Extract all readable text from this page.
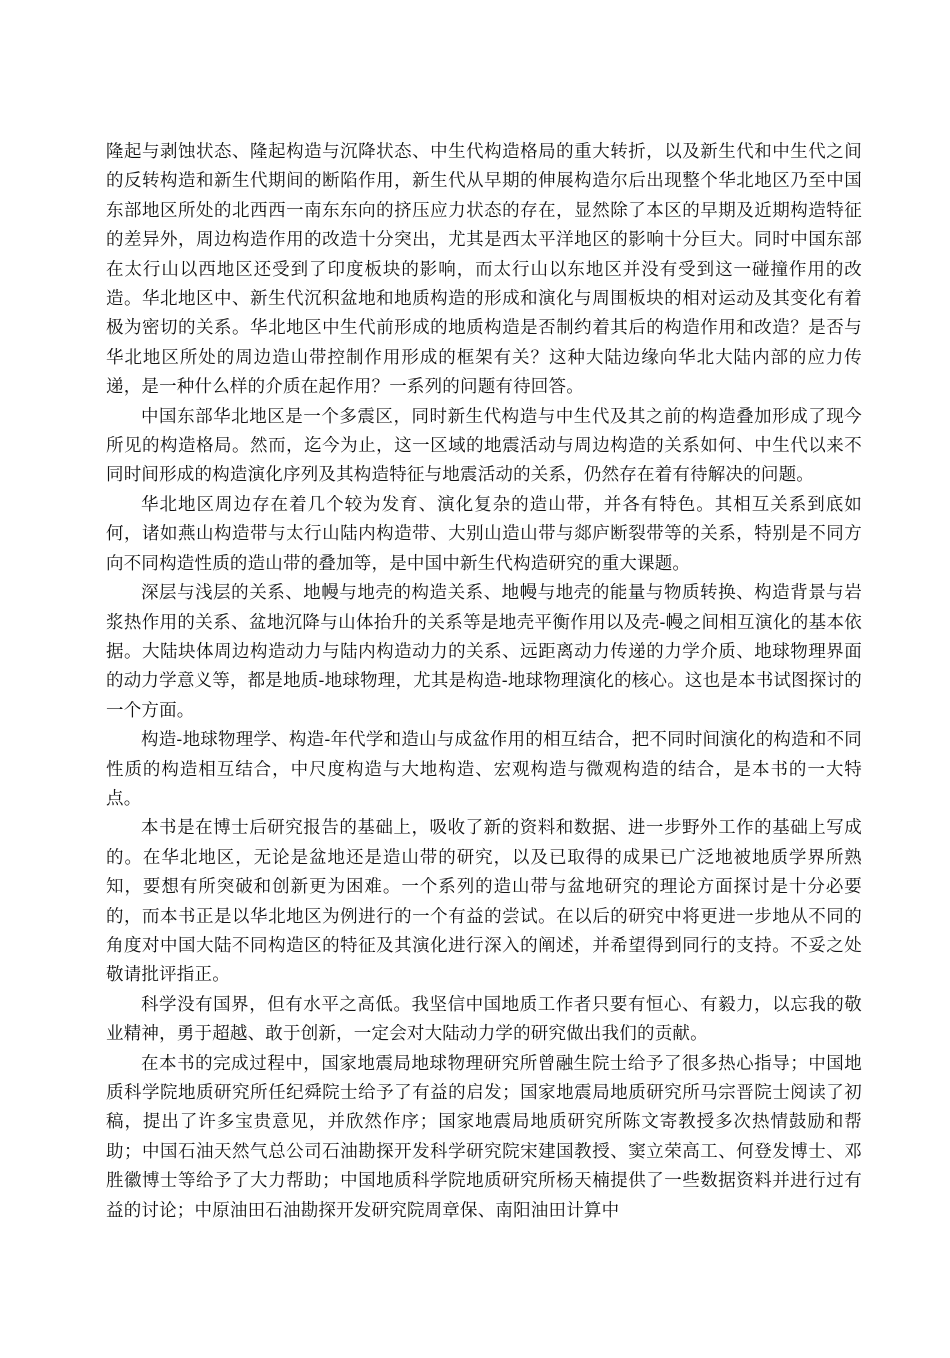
隆起与剥蚀状态、隆起构造与沉降状态、中生代构造格局的重大转折，以及新生代和中生代之间的反转构造和新生代期间的断陷作用，新生代从早期的伸展构造尔后出现整个华北地区乃至中国东部地区所处的北西西一南东东向的挤压应力状态的存在，显然除了本区的早期及近期构造特征的差异外，周边构造作用的改造十分突出，尤其是西太平洋地区的影响十分巨大。同时中国东部在太行山以西地区还受到了印度板块的影响，而太行山以东地区并没有受到这一碰撞作用的改造。华北地区中、新生代沉积盆地和地质构造的形成和演化与周围板块的相对运动及其变化有着极为密切的关系。华北地区中生代前形成的地质构造是否制约着其后的构造作用和改造？是否与华北地区所处的周边造山带控制作用形成的框架有关？这种大陆边缘向华北大陆内部的应力传递，是一种什么样的介质在起作用？一系列的问题有待回答。

中国东部华北地区是一个多震区，同时新生代构造与中生代及其之前的构造叠加形成了现今所见的构造格局。然而，迄今为止，这一区域的地震活动与周边构造的关系如何、中生代以来不同时间形成的构造演化序列及其构造特征与地震活动的关系，仍然存在着有待解决的问题。

华北地区周边存在着几个较为发育、演化复杂的造山带，并各有特色。其相互关系到底如何，诸如燕山构造带与太行山陆内构造带、大别山造山带与郯庐断裂带等的关系，特别是不同方向不同构造性质的造山带的叠加等，是中国中新生代构造研究的重大课题。

深层与浅层的关系、地幔与地壳的构造关系、地幔与地壳的能量与物质转换、构造背景与岩浆热作用的关系、盆地沉降与山体抬升的关系等是地壳平衡作用以及壳-幔之间相互演化的基本依据。大陆块体周边构造动力与陆内构造动力的关系、远距离动力传递的力学介质、地球物理界面的动力学意义等，都是地质-地球物理，尤其是构造-地球物理演化的核心。这也是本书试图探讨的一个方面。

构造-地球物理学、构造-年代学和造山与成盆作用的相互结合，把不同时间演化的构造和不同性质的构造相互结合，中尺度构造与大地构造、宏观构造与微观构造的结合，是本书的一大特点。

本书是在博士后研究报告的基础上，吸收了新的资料和数据、进一步野外工作的基础上写成的。在华北地区，无论是盆地还是造山带的研究，以及已取得的成果已广泛地被地质学界所熟知，要想有所突破和创新更为困难。一个系列的造山带与盆地研究的理论方面探讨是十分必要的，而本书正是以华北地区为例进行的一个有益的尝试。在以后的研究中将更进一步地从不同的角度对中国大陆不同构造区的特征及其演化进行深入的阐述，并希望得到同行的支持。不妥之处敬请批评指正。

科学没有国界，但有水平之高低。我坚信中国地质工作者只要有恒心、有毅力，以忘我的敬业精神，勇于超越、敢于创新，一定会对大陆动力学的研究做出我们的贡献。

在本书的完成过程中，国家地震局地球物理研究所曾融生院士给予了很多热心指导；中国地质科学院地质研究所任纪舜院士给予了有益的启发；国家地震局地质研究所马宗晋院士阅读了初稿，提出了许多宝贵意见，并欣然作序；国家地震局地质研究所陈文寄教授多次热情鼓励和帮助；中国石油天然气总公司石油勘探开发科学研究院宋建国教授、窦立荣高工、何登发博士、邓胜徽博士等给予了大力帮助；中国地质科学院地质研究所杨天楠提供了一些数据资料并进行过有益的讨论；中原油田石油勘探开发研究院周章保、南阳油田计算中
